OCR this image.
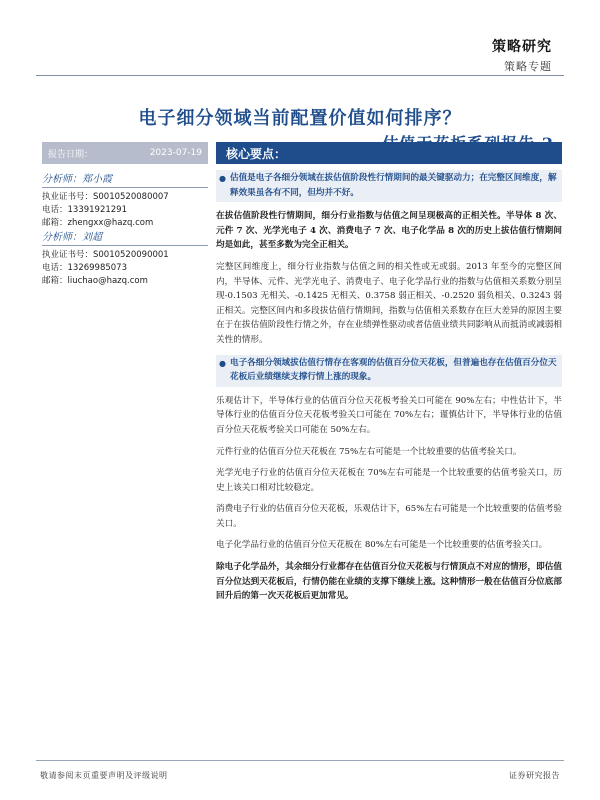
策略研究
策略专题
电子细分领域当前配置价值如何排序？
报告日期：	2023-07-19
分析师：郑小霞
执业证书号：S0010520080007
电话：13391921291
邮箱：zhengxx@hazq.com
分析师：刘超
执业证书号：S0010520090001
电话：13269985073
邮箱：liuchao@hazq.com
核心要点：
● 估值是电子各细分领域在拔估值阶段性行情期间的最关键驱动力；在完整区间维度，解释效果虽各有不同，但均并不好。
在拔估值阶段性行情期间，细分行业指数与估值之间呈现极高的正相关性。半导体 8 次、元件 7 次、光学光电子 4 次、消费电子 7 次、电子化学品 8 次的历史上拔估值行情期间均是如此，甚至多数为完全正相关。
完整区间维度上，细分行业指数与估值之间的相关性或无或弱。2013 年至今的完整区间内，半导体、元件、光学光电子、消费电子、电子化学品行业的指数与估值相关系数分别呈现-0.1503 无相关、-0.1425 无相关、0.3758 弱正相关、-0.2520 弱负相关、0.3243 弱正相关。完整区间内和多段拔估值行情期间，指数与估值相关系数存在巨大差异的原因主要在于在拔估值阶段性行情之外，存在业绩弹性驱动或者估值业绩共同影响从而抵消或减弱相关性的情形。
● 电子各细分领域拔估值行情存在客观的估值百分位天花板，但普遍也存在估值百分位天花板后业绩继续支撑行情上涨的现象。
乐观估计下，半导体行业的估值百分位天花板考验关口可能在 90%左右；中性估计下，半导体行业的估值百分位天花板考验关口可能在 70%左右；谨慎估计下，半导体行业的估值百分位天花板考验关口可能在 50%左右。
元件行业的估值百分位天花板在 75%左右可能是一个比较重要的估值考验关口。
光学光电子行业的估值百分位天花板在 70%左右可能是一个比较重要的估值考验关口，历史上该关口相对比较稳定。
消费电子行业的估值百分位天花板，乐观估计下，65%左右可能是一个比较重要的估值考验关口。
电子化学品行业的估值百分位天花板在 80%左右可能是一个比较重要的估值考验关口。
除电子化学品外，其余细分行业都存在估值百分位天花板与行情顶点不对应的情形，即估值百分位达到天花板后，行情仍能在业绩的支撑下继续上涨。这种情形一般在估值百分位底部回升后的第一次天花板后更加常见。
敬请参阅末页重要声明及评级说明	证券研究报告
